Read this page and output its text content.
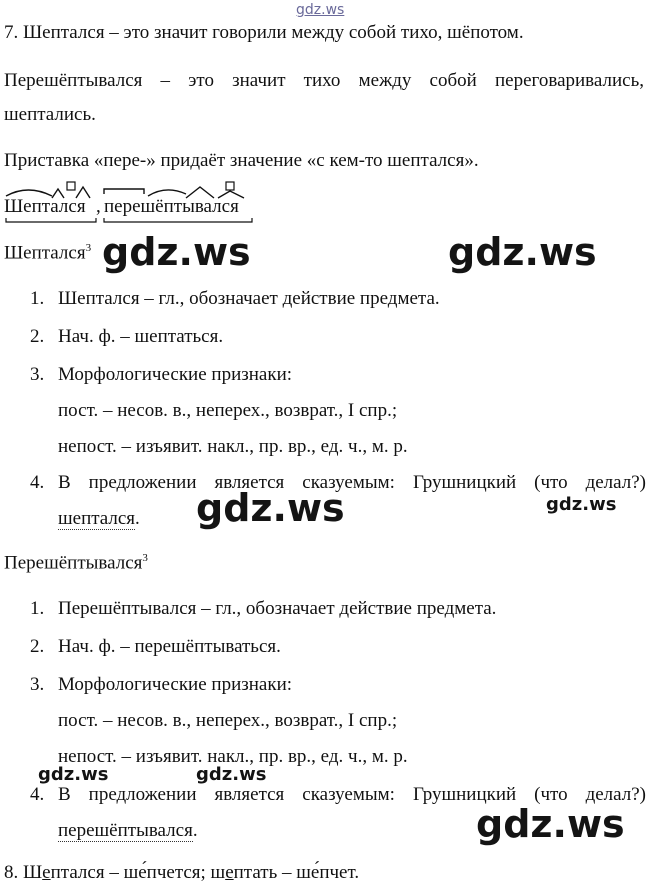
gdz.ws
7. Шептался – это значит говорили между собой тихо, шёпотом.
Перешёптывался – это значит тихо между собой переговаривались,
шептались.
Приставка «пере-» придаёт значение «с кем-то шептался».
Шептался , перешёптывался
Шептался$^3$
1. Шептался – гл., обозначает действие предмета.
2. Нач. ф. – шептаться.
3. Морфологические признаки:
пост. – несов. в., неперех., возврат., I спр.;
непост. – изъявит. накл., пр. вр., ед. ч., м. р.
4. В предложении является сказуемым: Грушницкий (что делал?)
шептался.
Перешёптывался$^3$
1. Перешёптывался – гл., обозначает действие предмета.
2. Нач. ф. – перешёптываться.
3. Морфологические признаки:
пост. – несов. в., неперех., возврат., I спр.;
непост. – изъявит. накл., пр. вр., ед. ч., м. р.
4. В предложении является сказуемым: Грушницкий (что делал?)
перешёптывался.
8. Шептался – ше́пчется; шептать – ше́пчет.
gdz.ws	gdz.ws
gdz.ws	gdz.ws
gdz.ws	gdz.ws
gdz.ws
